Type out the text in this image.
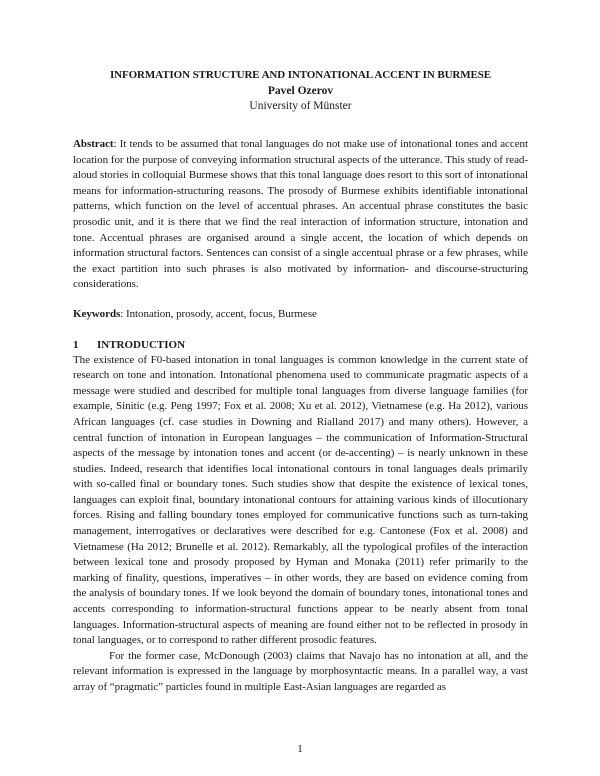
INFORMATION STRUCTURE AND INTONATIONAL ACCENT IN BURMESE

Pavel Ozerov

University of Münster

Abstract: It tends to be assumed that tonal languages do not make use of intonational tones and accent location for the purpose of conveying information structural aspects of the utterance. This study of read-aloud stories in colloquial Burmese shows that this tonal language does resort to this sort of intonational means for information-structuring reasons. The prosody of Burmese exhibits identifiable intonational patterns, which function on the level of accentual phrases. An accentual phrase constitutes the basic prosodic unit, and it is there that we find the real interaction of information structure, intonation and tone. Accentual phrases are organised around a single accent, the location of which depends on information structural factors. Sentences can consist of a single accentual phrase or a few phrases, while the exact partition into such phrases is also motivated by information- and discourse-structuring considerations.

Keywords: Intonation, prosody, accent, focus, Burmese

1	INTRODUCTION

The existence of F0-based intonation in tonal languages is common knowledge in the current state of research on tone and intonation. Intonational phenomena used to communicate pragmatic aspects of a message were studied and described for multiple tonal languages from diverse language families (for example, Sinitic (e.g. Peng 1997; Fox et al. 2008; Xu et al. 2012), Vietnamese (e.g. Ha 2012), various African languages (cf. case studies in Downing and Rialland 2017) and many others). However, a central function of intonation in European languages – the communication of Information-Structural aspects of the message by intonation tones and accent (or de-accenting) – is nearly unknown in these studies. Indeed, research that identifies local intonational contours in tonal languages deals primarily with so-called final or boundary tones. Such studies show that despite the existence of lexical tones, languages can exploit final, boundary intonational contours for attaining various kinds of illocutionary forces. Rising and falling boundary tones employed for communicative functions such as turn-taking management, interrogatives or declaratives were described for e.g. Cantonese (Fox et al. 2008) and Vietnamese (Ha 2012; Brunelle et al. 2012). Remarkably, all the typological profiles of the interaction between lexical tone and prosody proposed by Hyman and Monaka (2011) refer primarily to the marking of finality, questions, imperatives – in other words, they are based on evidence coming from the analysis of boundary tones. If we look beyond the domain of boundary tones, intonational tones and accents corresponding to information-structural functions appear to be nearly absent from tonal languages. Information-structural aspects of meaning are found either not to be reflected in prosody in tonal languages, or to correspond to rather different prosodic features.

For the former case, McDonough (2003) claims that Navajo has no intonation at all, and the relevant information is expressed in the language by morphosyntactic means. In a parallel way, a vast array of “pragmatic” particles found in multiple East-Asian languages are regarded as

1
